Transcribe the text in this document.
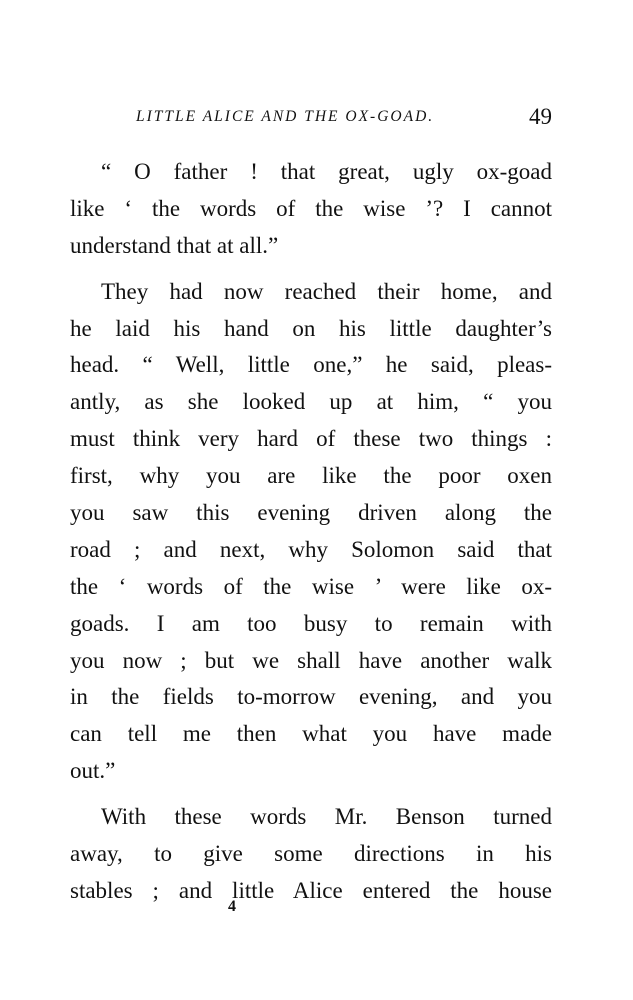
LITTLE ALICE AND THE OX-GOAD.	49
“ O father ! that great, ugly ox-goad
like ‘ the words of the wise ’? I cannot
understand that at all.”
They had now reached their home, and
he laid his hand on his little daughter’s
head. “ Well, little one,” he said, pleas-
antly, as she looked up at him, “ you
must think very hard of these two things :
first, why you are like the poor oxen
you saw this evening driven along the
road ; and next, why Solomon said that
the ‘ words of the wise ’ were like ox-
goads. I am too busy to remain with
you now ; but we shall have another walk
in the fields to-morrow evening, and you
can tell me then what you have made
out.”
With these words Mr. Benson turned
away, to give some directions in his
stables ; and little Alice entered the house
4
